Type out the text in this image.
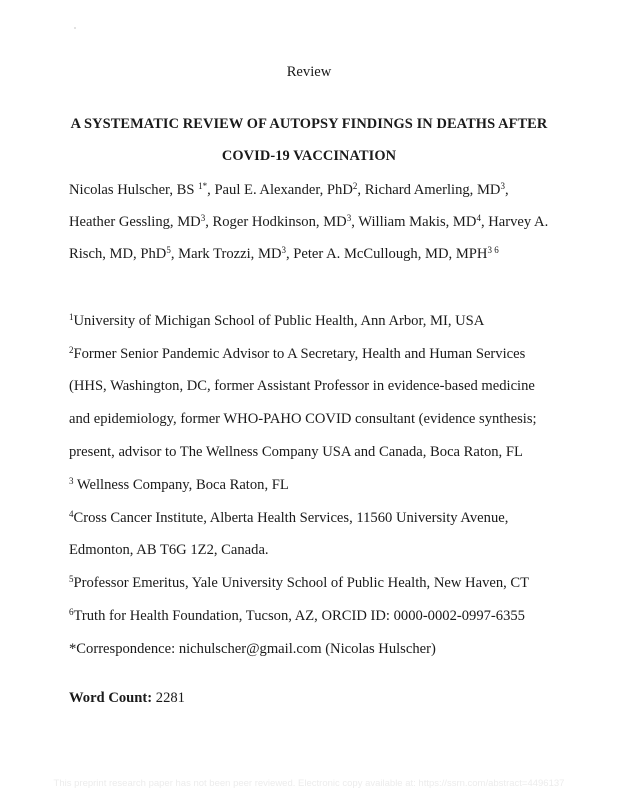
Review
A SYSTEMATIC REVIEW OF AUTOPSY FINDINGS IN DEATHS AFTER
COVID-19 VACCINATION
Nicolas Hulscher, BS $^{1*}$, Paul E. Alexander, PhD$^2$, Richard Amerling, $MD^3$,
Heather Gessling, $MD^3$, Roger Hodkinson, $MD^3$, William Makis, $MD^4$, Harvey A.
Risch, MD, PhD$^5$, Mark Trozzi, $MD^3$, Peter A. McCullough, MD, $MPH^{3 6}$
$^1$University of Michigan School of Public Health, Ann Arbor, MI, USA
$^2$Former Senior Pandemic Advisor to A Secretary, Health and Human Services
(HHS, Washington, DC, former Assistant Professor in evidence-based medicine
and epidemiology, former WHO-PAHO COVID consultant (evidence synthesis;
present, advisor to The Wellness Company USA and Canada, Boca Raton, FL
$^3$ Wellness Company, Boca Raton, FL
$^4$Cross Cancer Institute, Alberta Health Services, 11560 University Avenue,
Edmonton, AB T6G 1Z2, Canada.
$^5$Professor Emeritus, Yale University School of Public Health, New Haven, CT
$^6$Truth for Health Foundation, Tucson, AZ, ORCID ID: 0000-0002-0997-6355
*Correspondence: nichulscher@gmail.com (Nicolas Hulscher)
Word Count: 2281
This preprint research paper has not been peer reviewed. Electronic copy available at: https://ssrn.com/abstract=4496137
